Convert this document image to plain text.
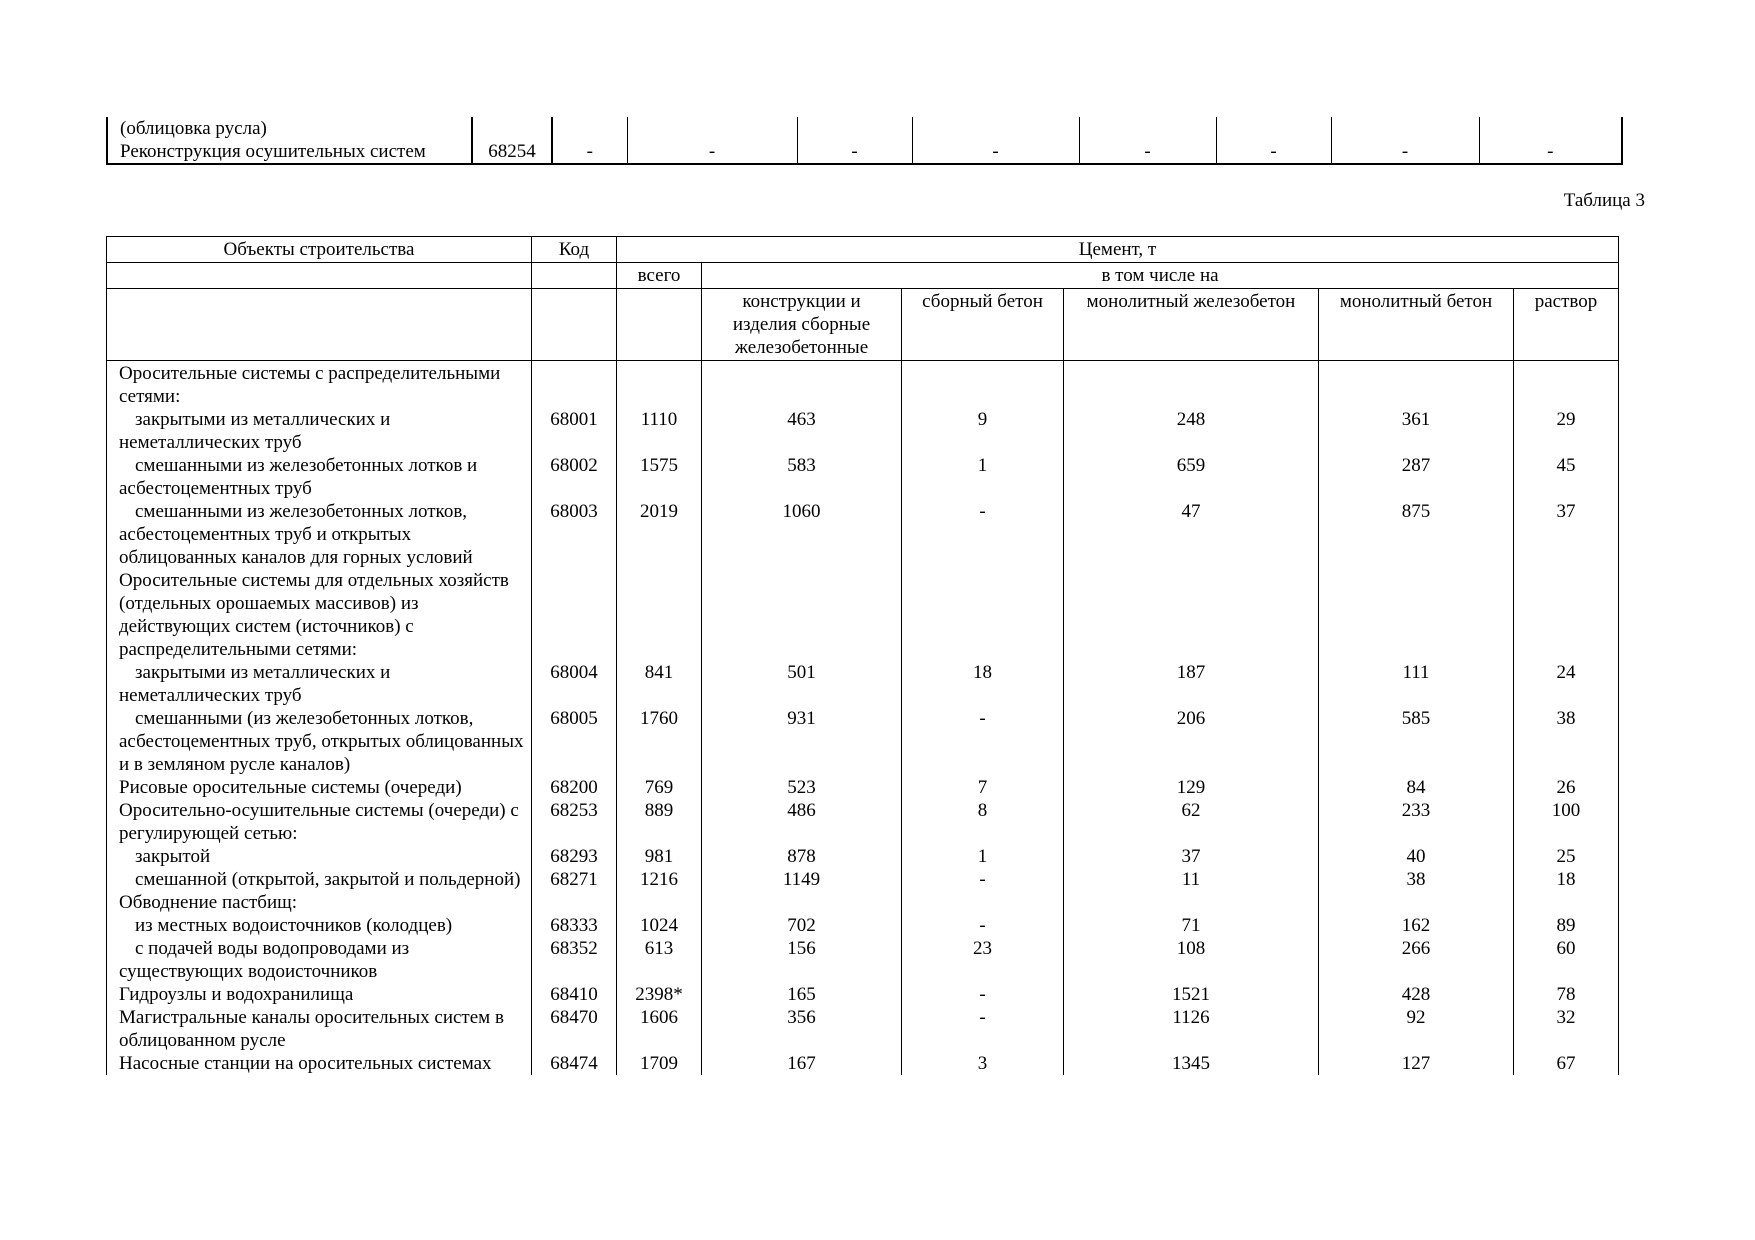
(облицовка русла)									
Реконструкция осушительных систем	68254	-	-	-	-	-	-	-	-
Таблица 3
Объекты строительства	Код	Цемент, т					
		всего	в том числе на				
			конструкции и изделия сборные железобетонные	сборный бетон	монолитный железобетон	монолитный бетон	раствор
Оросительные системы с распределительными сетями:							
закрытыми из металлических и неметаллических труб	68001	1110	463	9	248	361	29
смешанными из железобетонных лотков и асбестоцементных труб	68002	1575	583	1	659	287	45
смешанными из железобетонных лотков, асбестоцементных труб и открытых облицованных каналов для горных условий	68003	2019	1060	-	47	875	37
Оросительные системы для отдельных хозяйств (отдельных орошаемых массивов) из действующих систем (источников) с распределительными сетями:							
закрытыми из металлических и неметаллических труб	68004	841	501	18	187	111	24
смешанными (из железобетонных лотков, асбестоцементных труб, открытых облицованных и в земляном русле каналов)	68005	1760	931	-	206	585	38
Рисовые оросительные системы (очереди)	68200	769	523	7	129	84	26
Оросительно-осушительные системы (очереди) с регулирующей сетью:	68253	889	486	8	62	233	100
закрытой	68293	981	878	1	37	40	25
смешанной (открытой, закрытой и польдерной)	68271	1216	1149	-	11	38	18
Обводнение пастбищ:							
из местных водоисточников (колодцев)	68333	1024	702	-	71	162	89
с подачей воды водопроводами из существующих водоисточников	68352	613	156	23	108	266	60
Гидроузлы и водохранилища	68410	2398*	165	-	1521	428	78
Магистральные каналы оросительных систем в облицованном русле	68470	1606	356	-	1126	92	32
Насосные станции на оросительных системах	68474	1709	167	3	1345	127	67
